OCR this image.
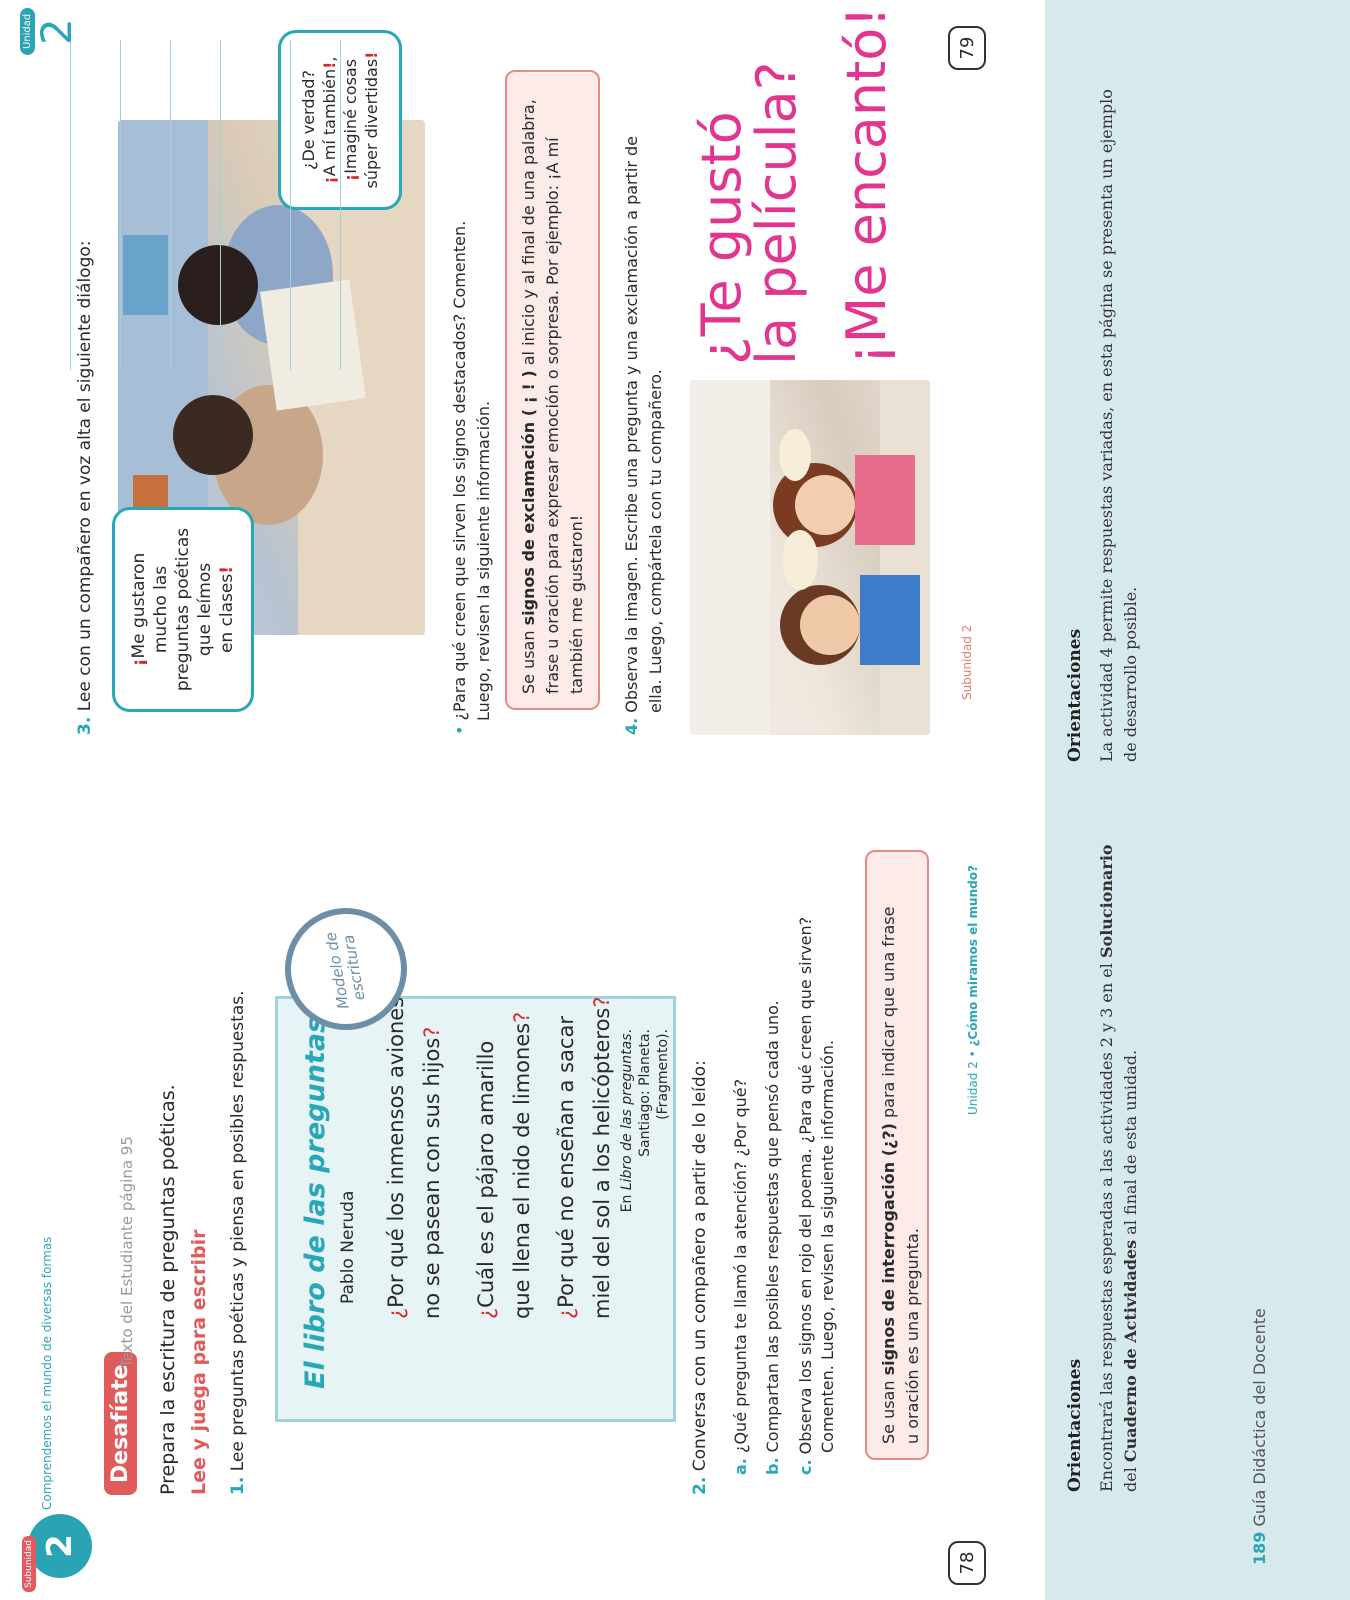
2
Subunidad
Comprendemos el mundo de diversas formas Desafíate
Texto del Estudiante página 95 Prepara la escritura de preguntas poéticas. Lee y juega para escribir 1. Lee preguntas poéticas y piensa en posibles respuestas. El libro de las preguntas Pablo Neruda
¿Por qué los inmensos aviones no se pasean con sus hijos?
¿Cuál es el pájaro amarillo que llena el nido de limones?
¿Por qué no enseñan a sacar miel del sol a los helicópteros?
En Libro de las preguntas. Santiago: Planeta. (Fragmento).
Modelo de escritura
2. Conversa con un compañero a partir de lo leído: a. ¿Qué pregunta te llamó la atención? ¿Por qué?
b. Compartan las posibles respuestas que pensó cada uno.
c. Observa los signos en rojo del poema. ¿Para qué creen que sirven? Comenten. Luego, revisen la siguiente información.	Se usan signos de interrogación (¿?) para indicar que una frase
u oración es una pregunta.
78
Unidad 2 • ¿Cómo miramos el mundo?
3. Lee con un compañero en voz alta el siguiente diálogo: ¡Me gustaron mucho las preguntas poéticas que leímos en clases!
¿De verdad?
¡A mí también!,
¡Imaginé cosas súper divertidas!
• ¿Para qué creen que sirven los signos destacados? Comenten. Luego, revisen la siguiente información.	Se usan signos de exclamación ( ¡ ! ) al inicio y al final de una palabra, frase u oración para expresar emoción o sorpresa. Por ejemplo: ¡A mí también me gustaron!
4. Observa la imagen. Escribe una pregunta y una exclamación a partir de ella. Luego, compártela con tu compañero.
¿Te gustó
la película? ¡Me encantó!
Subunidad 2
79
Unidad 2
Orientaciones Encontrará las respuestas esperadas a las actividades 2 y 3 en el Solucionario del Cuaderno de Actividades al final de esta unidad.
Orientaciones La actividad 4 permite respuestas variadas, en esta página se presenta un ejemplo de desarrollo posible.
189 Guía Didáctica del Docente
